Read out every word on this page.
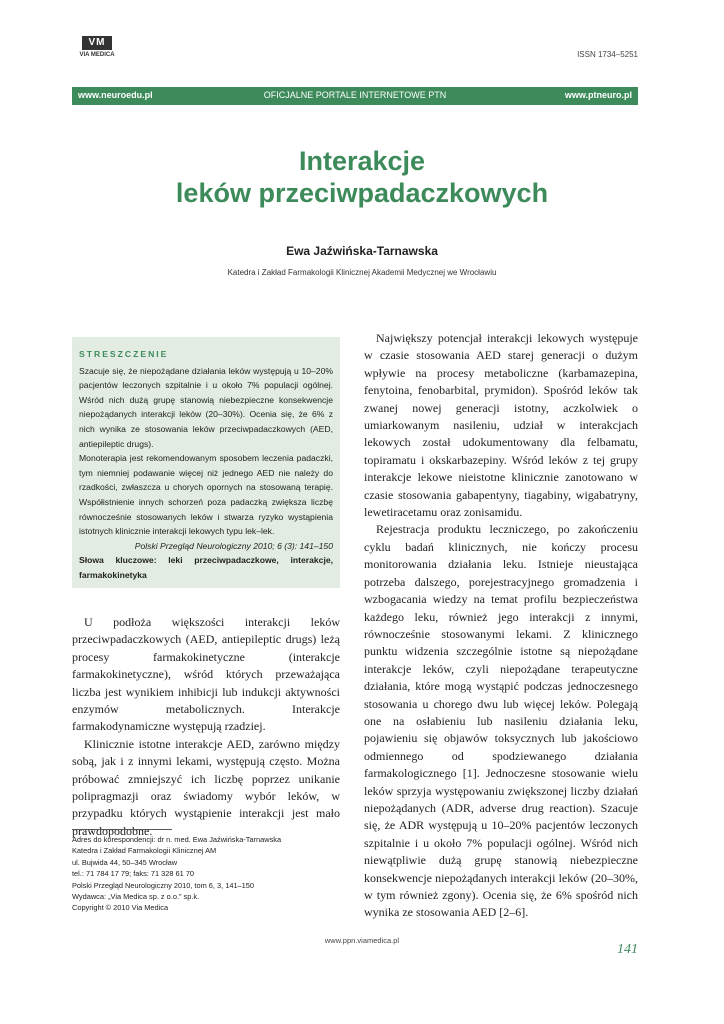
VM
VIA MEDICA	ISSN 1734–5251
www.neuroedu.pl	OFICJALNE PORTALE INTERNETOWE PTN	www.ptneuro.pl
Interakcje
leków przeciwpadaczkowych
Ewa Jaźwińska-Tarnawska
Katedra i Zakład Farmakologii Klinicznej Akademii Medycznej we Wrocławiu
STRESZCZENIE

Szacuje się, że niepożądane działania leków występują u 10–20% pacjentów leczonych szpitalnie i u około 7% populacji ogólnej. Wśród nich dużą grupę stanowią niebezpieczne konsekwencje niepożądanych interakcji leków (20–30%). Ocenia się, że 6% z nich wynika ze stosowania leków przeciwpadaczkowych (AED, antiepileptic drugs).

Monoterapia jest rekomendowanym sposobem leczenia padaczki, tym niemniej podawanie więcej niż jednego AED nie należy do rzadkości, zwłaszcza u chorych opornych na stosowaną terapię. Współistnienie innych schorzeń poza padaczką zwiększa liczbę równocześnie stosowanych leków i stwarza ryzyko wystąpienia istotnych klinicznie interakcji lekowych typu lek–lek.

Polski Przegląd Neurologiczny 2010; 6 (3): 141–150

Słowa kluczowe: leki przeciwpadaczkowe, interakcje, farmakokinetyka

U podłoża większości interakcji leków przeciwpadaczkowych (AED, antiepileptic drugs) leżą procesy farmakokinetyczne (interakcje farmakokinetyczne), wśród których przeważająca liczba jest wynikiem inhibicji lub indukcji aktywności enzymów metabolicznych. Interakcje farmakodynamiczne występują rzadziej.

Klinicznie istotne interakcje AED, zarówno między sobą, jak i z innymi lekami, występują często. Można próbować zmniejszyć ich liczbę poprzez unikanie polipragmazji oraz świadomy wybór leków, w przypadku których wystąpienie interakcji jest mało prawdopodobne.

Największy potencjał interakcji lekowych występuje w czasie stosowania AED starej generacji o dużym wpływie na procesy metaboliczne (karbamazepina, fenytoina, fenobarbital, prymidon). Spośród leków tak zwanej nowej generacji istotny, aczkolwiek o umiarkowanym nasileniu, udział w interakcjach lekowych został udokumentowany dla felbamatu, topiramatu i okskarbazepiny. Wśród leków z tej grupy interakcje lekowe nieistotne klinicznie zanotowano w czasie stosowania gabapentyny, tiagabiny, wigabatryny, lewetiracetamu oraz zonisamidu.

Rejestracja produktu leczniczego, po zakończeniu cyklu badań klinicznych, nie kończy procesu monitorowania działania leku. Istnieje nieustająca potrzeba dalszego, porejestracyjnego gromadzenia i wzbogacania wiedzy na temat profilu bezpieczeństwa każdego leku, również jego interakcji z innymi, równocześnie stosowanymi lekami. Z klinicznego punktu widzenia szczególnie istotne są niepożądane interakcje leków, czyli niepożądane terapeutyczne działania, które mogą wystąpić podczas jednoczesnego stosowania u chorego dwu lub więcej leków. Polegają one na osłabieniu lub nasileniu działania leku, pojawieniu się objawów toksycznych lub jakościowo odmiennego od spodziewanego działania farmakologicznego [1]. Jednoczesne stosowanie wielu leków sprzyja występowaniu zwiększonej liczby działań niepożądanych (ADR, adverse drug reaction). Szacuje się, że ADR występują u 10–20% pacjentów leczonych szpitalnie i u około 7% populacji ogólnej. Wśród nich niewątpliwie dużą grupę stanowią niebezpieczne konsekwencje niepożądanych interakcji leków (20–30%, w tym również zgony). Ocenia się, że 6% spośród nich wynika ze stosowania AED [2–6].

Adres do korespondencji: dr n. med. Ewa Jaźwińska-Tarnawska
Katedra i Zakład Farmakologii Klinicznej AM
ul. Bujwida 44, 50–345 Wrocław
tel.: 71 784 17 79; faks: 71 328 61 70
Polski Przegląd Neurologiczny 2010, tom 6, 3, 141–150
Wydawca: „Via Medica sp. z o.o.” sp.k.
Copyright © 2010 Via Medica
www.ppn.viamedica.pl
141
